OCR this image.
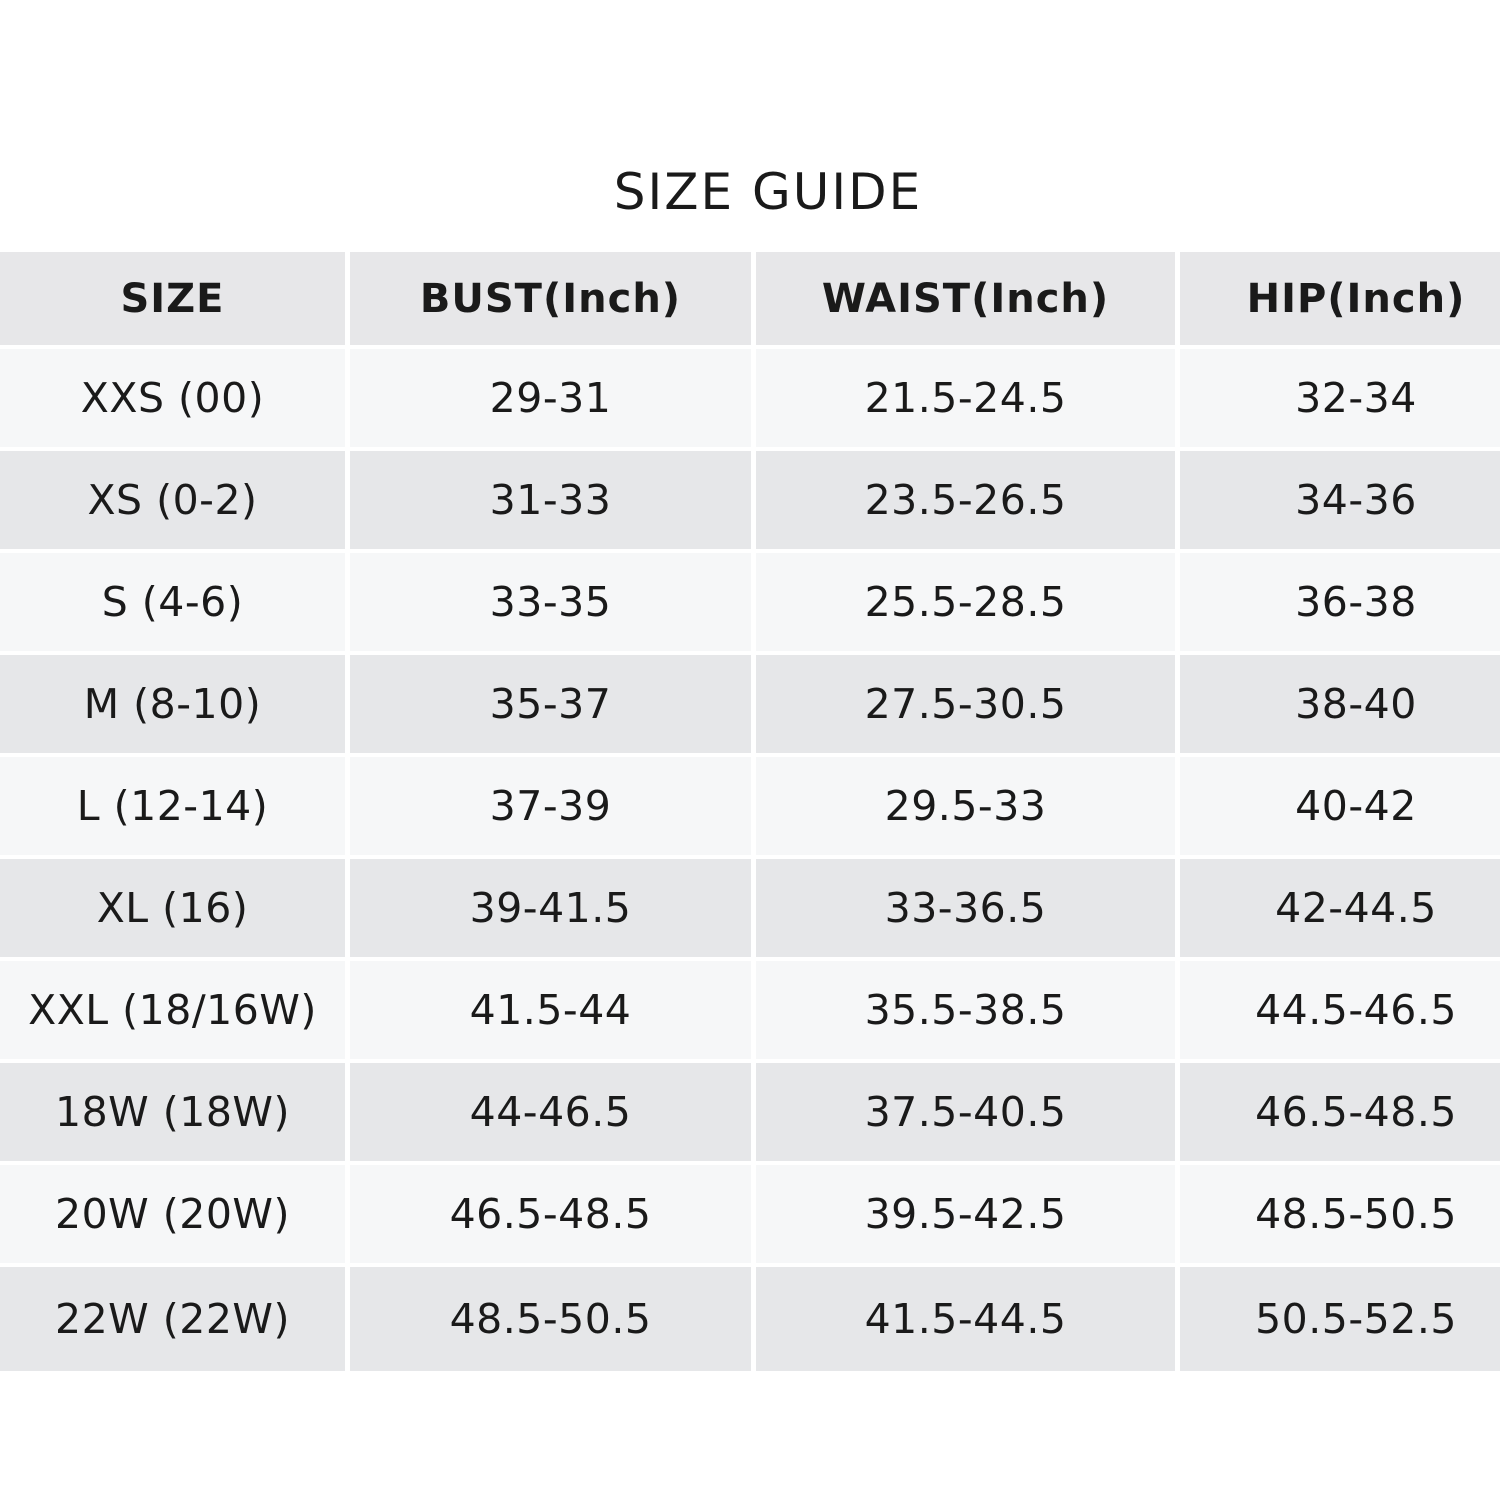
SIZE GUIDE
SIZE	BUST(Inch)	WAIST(Inch)	HIP(Inch)
XXS (00)	29-31	21.5-24.5	32-34
XS (0-2)	31-33	23.5-26.5	34-36
S (4-6)	33-35	25.5-28.5	36-38
M (8-10)	35-37	27.5-30.5	38-40
L (12-14)	37-39	29.5-33	40-42
XL (16)	39-41.5	33-36.5	42-44.5
XXL (18/16W)	41.5-44	35.5-38.5	44.5-46.5
18W (18W)	44-46.5	37.5-40.5	46.5-48.5
20W (20W)	46.5-48.5	39.5-42.5	48.5-50.5
22W (22W)	48.5-50.5	41.5-44.5	50.5-52.5
